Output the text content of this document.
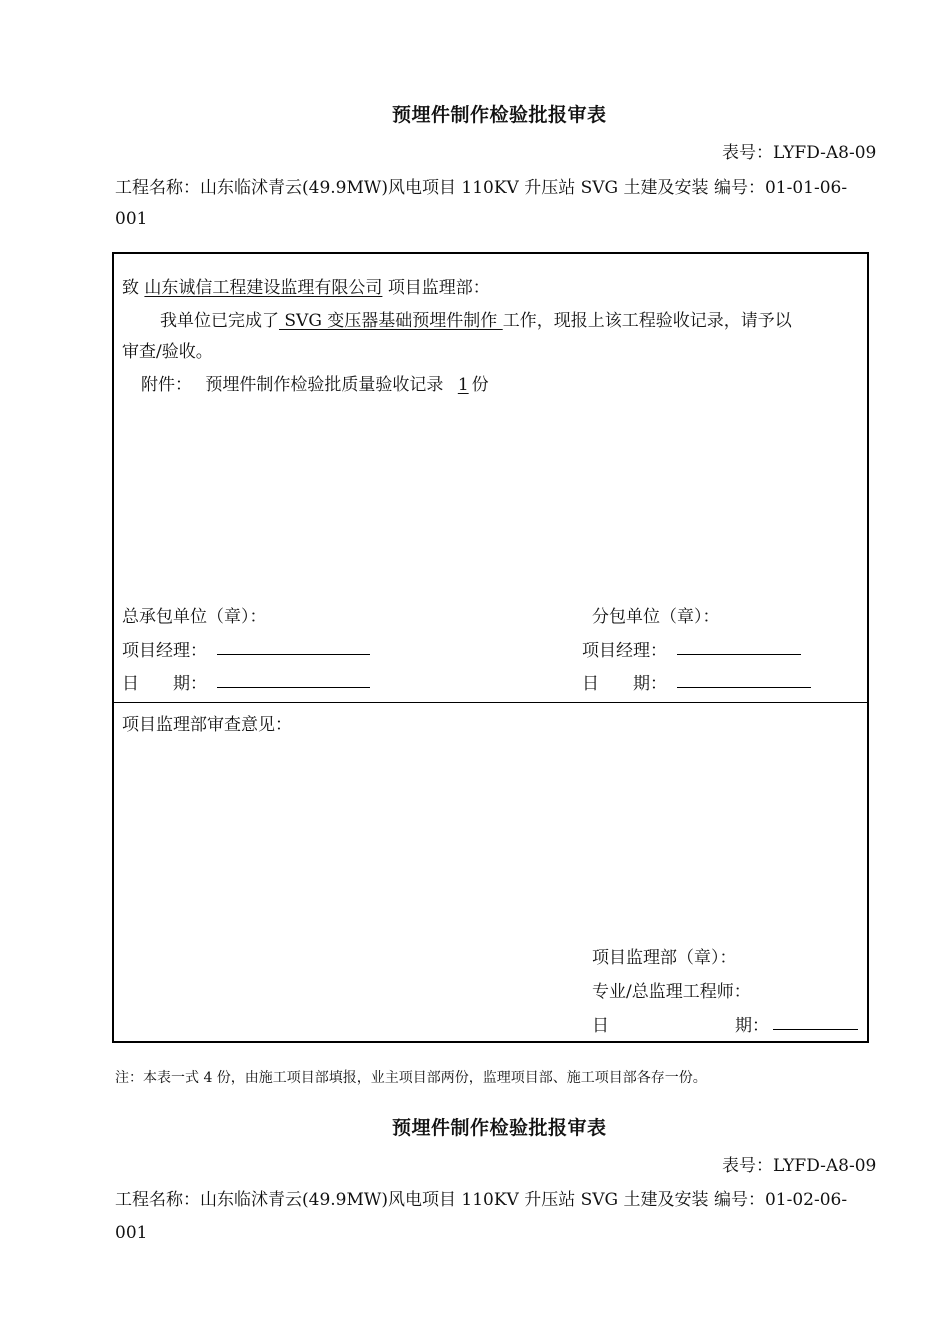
预埋件制作检验批报审表
表号：LYFD-A8-09
工程名称：山东临沭青云(49.9MW)风电项目 110KV 升压站 SVG 土建及安装 编号：01-01-06-
001
致 山东诚信工程建设监理有限公司 项目监理部：
我单位已完成了 SVG 变压器基础预埋件制作 工作，现报上该工程验收记录，请予以
审查/验收。
附件： 预埋件制作检验批质量验收记录 1 份
总承包单位（章）：	分包单位（章）：
项目经理：	项目经理：
日　　期：	日　　期：
项目监理部审查意见：
项目监理部（章）：
专业/总监理工程师：
日	期：
注：本表一式 4 份，由施工项目部填报，业主项目部两份，监理项目部、施工项目部各存一份。
预埋件制作检验批报审表
表号：LYFD-A8-09
工程名称：山东临沭青云(49.9MW)风电项目 110KV 升压站 SVG 土建及安装 编号：01-02-06-
001
